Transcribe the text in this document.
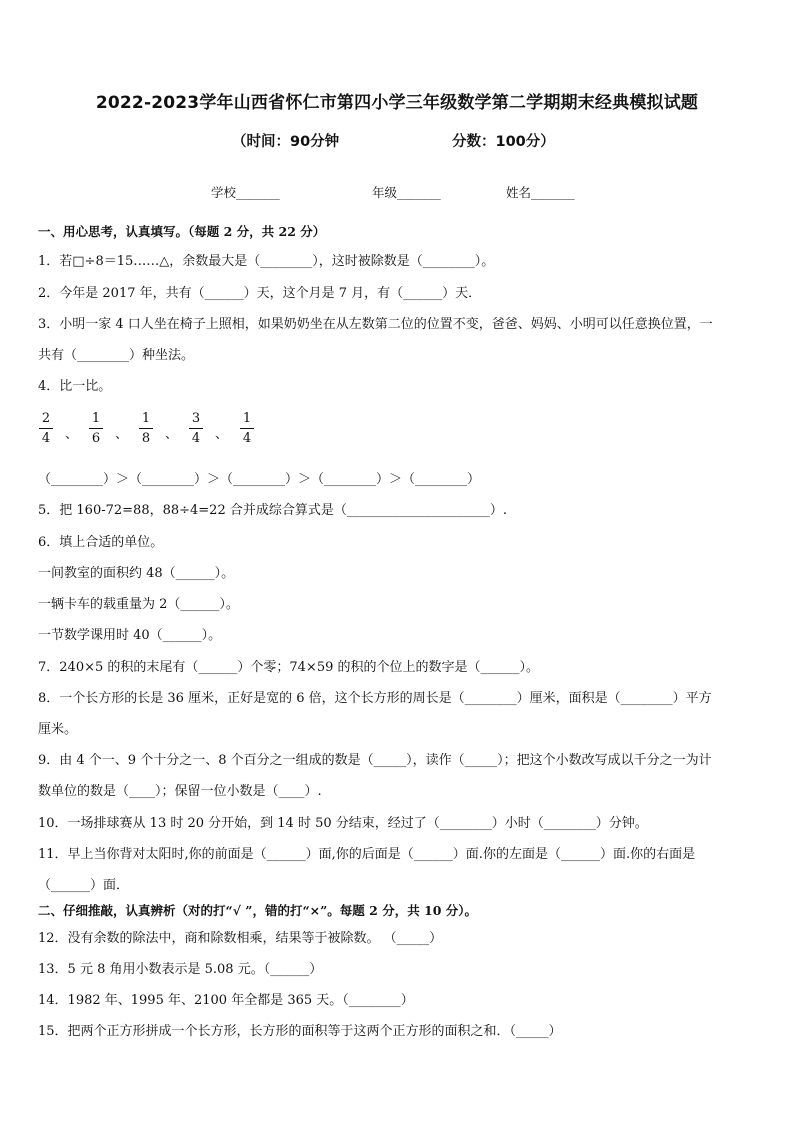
2022-2023学年山西省怀仁市第四小学三年级数学第二学期期末经典模拟试题
（时间：90分钟	分数：100分）
学校_______	年级_______	姓名_______
一、用心思考，认真填写。（每题 2 分，共 22 分）
1．若□÷8＝15……△，余数最大是（________），这时被除数是（________）。
2．今年是 2017 年，共有（______）天，这个月是 7 月，有（______）天．
3．小明一家 4 口人坐在椅子上照相，如果奶奶坐在从左数第二位的位置不变，爸爸、妈妈、小明可以任意换位置，一
共有（________）种坐法。
4．比一比。
2
4 、
1
6 、
1
8 、
3
4 、
1
4
（________）＞（________）＞（________）＞（________）＞（________）
5．把 160-72=88，88÷4=22 合并成综合算式是（______________________）.
6．填上合适的单位。
一间教室的面积约 48（______）。
一辆卡车的载重量为 2（______）。
一节数学课用时 40（______）。
7．240×5 的积的末尾有（______）个零；74×59 的积的个位上的数字是（______）。
8．一个长方形的长是 36 厘米，正好是宽的 6 倍，这个长方形的周长是（________）厘米，面积是（________）平方
厘米。
9．由 4 个一、9 个十分之一、8 个百分之一组成的数是（_____），读作（_____）；把这个小数改写成以千分之一为计
数单位的数是（____）；保留一位小数是（____）.
10．一场排球赛从 13 时 20 分开始，到 14 时 50 分结束，经过了（________）小时（________）分钟。
11．早上当你背对太阳时,你的前面是（______）面,你的后面是（______）面.你的左面是（______）面.你的右面是
（______）面．
二、仔细推敲，认真辨析（对的打“√ ”，错的打“×”。每题 2 分，共 10 分）。
12．没有余数的除法中，商和除数相乘，结果等于被除数。 （_____）
13．5 元 8 角用小数表示是 5.08 元。（______）
14．1982 年、1995 年、2100 年全都是 365 天。（________）
15．把两个正方形拼成一个长方形，长方形的面积等于这两个正方形的面积之和．（_____）
